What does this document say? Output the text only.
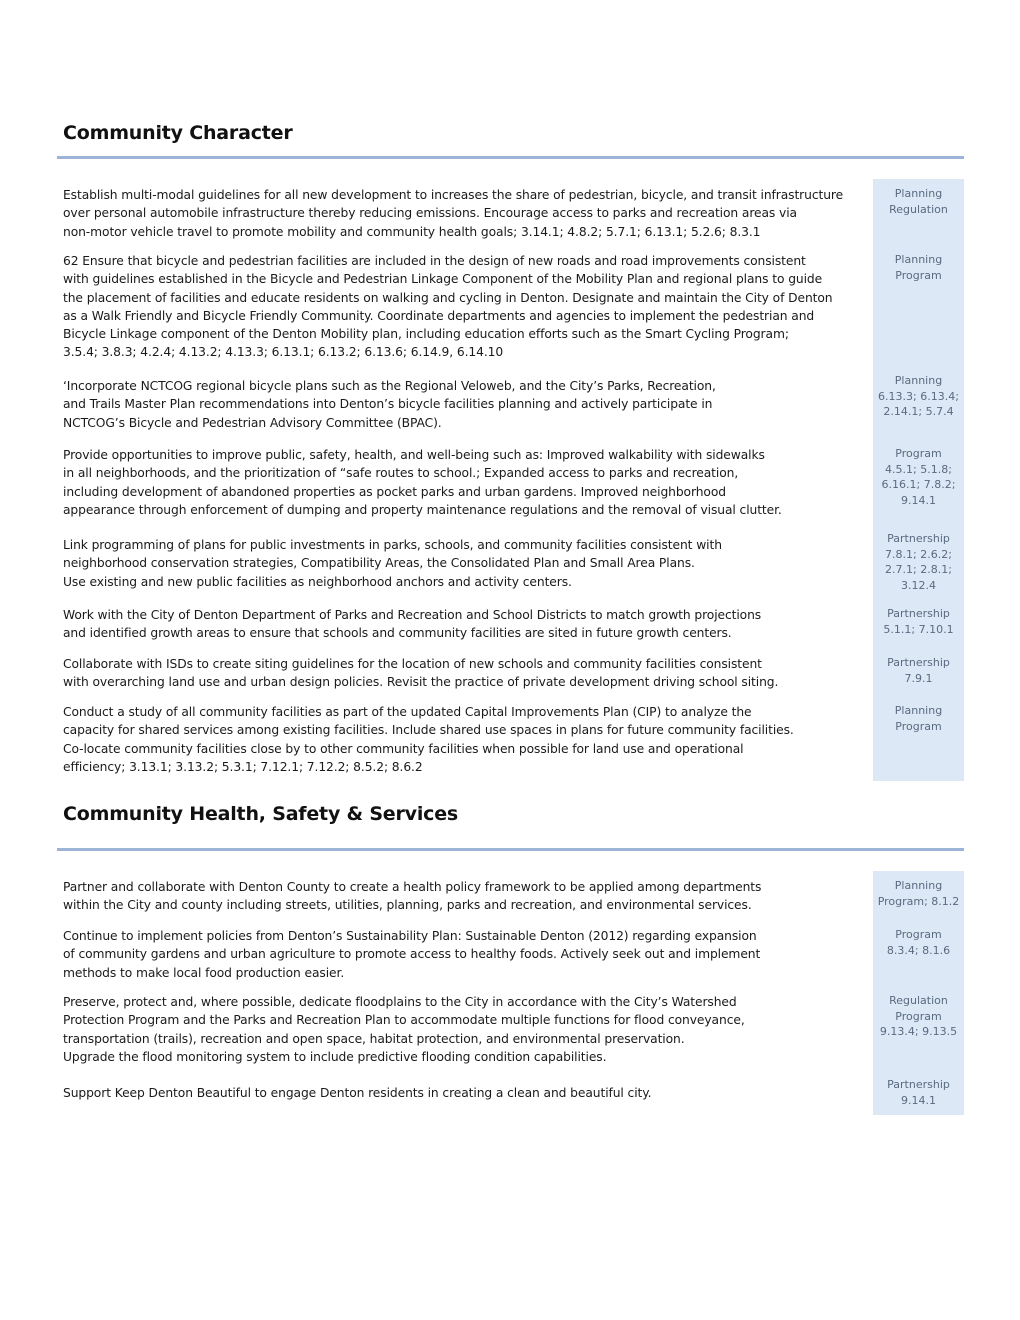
Community Character
Establish multi-modal guidelines for all new development to increases the share of pedestrian, bicycle, and transit infrastructure
over personal automobile infrastructure thereby reducing emissions. Encourage access to parks and recreation areas via
non-motor vehicle travel to promote mobility and community health goals; 3.14.1; 4.8.2; 5.7.1; 6.13.1; 5.2.6; 8.3.1
Planning
Regulation
62 Ensure that bicycle and pedestrian facilities are included in the design of new roads and road improvements consistent
with guidelines established in the Bicycle and Pedestrian Linkage Component of the Mobility Plan and regional plans to guide
the placement of facilities and educate residents on walking and cycling in Denton. Designate and maintain the City of Denton
as a Walk Friendly and Bicycle Friendly Community. Coordinate departments and agencies to implement the pedestrian and
Bicycle Linkage component of the Denton Mobility plan, including education efforts such as the Smart Cycling Program;
3.5.4; 3.8.3; 4.2.4; 4.13.2; 4.13.3; 6.13.1; 6.13.2; 6.13.6; 6.14.9, 6.14.10
Planning
Program
‘Incorporate NCTCOG regional bicycle plans such as the Regional Veloweb, and the City’s Parks, Recreation,
and Trails Master Plan recommendations into Denton’s bicycle facilities planning and actively participate in
NCTCOG’s Bicycle and Pedestrian Advisory Committee (BPAC).
Planning
6.13.3; 6.13.4;
2.14.1; 5.7.4
Provide opportunities to improve public, safety, health, and well-being such as: Improved walkability with sidewalks
in all neighborhoods, and the prioritization of “safe routes to school.; Expanded access to parks and recreation,
including development of abandoned properties as pocket parks and urban gardens. Improved neighborhood
appearance through enforcement of dumping and property maintenance regulations and the removal of visual clutter.
Program
4.5.1; 5.1.8;
6.16.1; 7.8.2;
9.14.1
Link programming of plans for public investments in parks, schools, and community facilities consistent with
neighborhood conservation strategies, Compatibility Areas, the Consolidated Plan and Small Area Plans.
Use existing and new public facilities as neighborhood anchors and activity centers.
Partnership
7.8.1; 2.6.2;
2.7.1; 2.8.1;
3.12.4
Work with the City of Denton Department of Parks and Recreation and School Districts to match growth projections
and identified growth areas to ensure that schools and community facilities are sited in future growth centers.
Partnership
5.1.1; 7.10.1
Collaborate with ISDs to create siting guidelines for the location of new schools and community facilities consistent
with overarching land use and urban design policies. Revisit the practice of private development driving school siting.
Partnership
7.9.1
Conduct a study of all community facilities as part of the updated Capital Improvements Plan (CIP) to analyze the
capacity for shared services among existing facilities. Include shared use spaces in plans for future community facilities.
Co-locate community facilities close by to other community facilities when possible for land use and operational
efficiency; 3.13.1; 3.13.2; 5.3.1; 7.12.1; 7.12.2; 8.5.2; 8.6.2
Planning
Program
Community Health, Safety & Services
Partner and collaborate with Denton County to create a health policy framework to be applied among departments
within the City and county including streets, utilities, planning, parks and recreation, and environmental services.
Planning
Program; 8.1.2
Continue to implement policies from Denton’s Sustainability Plan: Sustainable Denton (2012) regarding expansion
of community gardens and urban agriculture to promote access to healthy foods. Actively seek out and implement
methods to make local food production easier.
Program
8.3.4; 8.1.6
Preserve, protect and, where possible, dedicate floodplains to the City in accordance with the City’s Watershed
Protection Program and the Parks and Recreation Plan to accommodate multiple functions for flood conveyance,
transportation (trails), recreation and open space, habitat protection, and environmental preservation.
Upgrade the flood monitoring system to include predictive flooding condition capabilities.
Regulation
Program
9.13.4; 9.13.5
Support Keep Denton Beautiful to engage Denton residents in creating a clean and beautiful city.
Partnership
9.14.1
